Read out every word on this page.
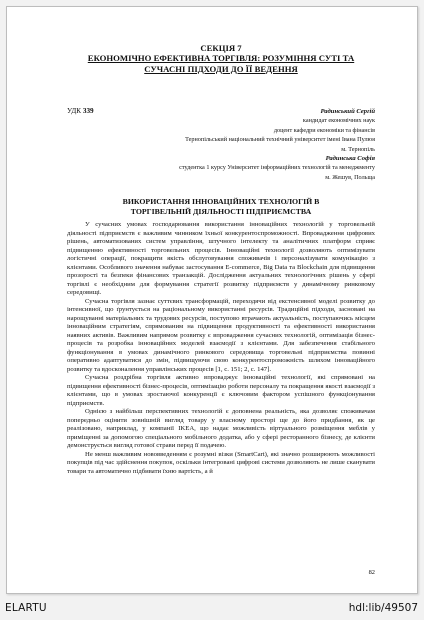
СЕКЦІЯ 7
ЕКОНОМІЧНО ЕФЕКТИВНА ТОРГІВЛЯ: РОЗУМІННЯ СУТІ ТА
СУЧАСНІ ПІДХОДИ ДО ЇЇ ВЕДЕННЯ
УДК 339	Радинський Сергій
кандидат економічних наук
доцент кафедри економіки та фінансів
Тернопільський національний технічний університет імені Івана Пулюя
м. Тернопіль
Радинська Софія
студентка 1 курсу Університет інформаційних технологій та менеджменту
м. Жешув, Польща
ВИКОРИСТАННЯ ІННОВАЦІЙНИХ ТЕХНОЛОГІЙ В
ТОРГІВЕЛЬНІЙ ДІЯЛЬНОСТІ ПІДПРИЄМСТВА

У сучасних умовах господарювання використання інноваційних технологій у торговельній діяльності підприємств є важливим чинником їхньої конкурентоспроможності. Впровадження цифрових рішень, автоматизованих систем управління, штучного інтелекту та аналітичних платформ сприяє підвищенню ефективності торговельних процесів. Інноваційні технології дозволяють оптимізувати логістичні операції, покращити якість обслуговування споживачів і персоналізувати комунікацію з клієнтами. Особливого значення набуває застосування E-commerce, Big Data та Blockchain для підвищення прозорості та безпеки фінансових транзакцій. Дослідження актуальних технологічних рішень у сфері торгівлі є необхідним для формування стратегії розвитку підприємств у динамічному ринковому середовищі.

Сучасна торгівля зазнає суттєвих трансформацій, переходячи від екстенсивної моделі розвитку до інтенсивної, що ґрунтується на раціональному використанні ресурсів. Традиційні підходи, засновані на нарощуванні матеріальних та трудових ресурсів, поступово втрачають актуальність, поступаючись місцем інноваційним стратегіям, спрямованим на підвищення продуктивності та ефективності використання наявних активів. Важливим напрямом розвитку є впровадження сучасних технологій, оптимізація бізнес-процесів та розробка інноваційних моделей взаємодії з клієнтами. Для забезпечення стабільного функціонування в умовах динамічного ринкового середовища торговельні підприємства повинні оперативно адаптуватися до змін, підвищуючи свою конкурентоспроможність шляхом інноваційного розвитку та вдосконалення управлінських процесів [1, с. 151; 2, с. 147].

Сучасна роздрібна торгівля активно впроваджує інноваційні технології, які спрямовані на підвищення ефективності бізнес-процесів, оптимізацію роботи персоналу та покращення якості взаємодії з клієнтами, що в умовах зростаючої конкуренції є ключовим фактором успішного функціонування підприємств.

Однією з найбільш перспективних технологій є доповнена реальність, яка дозволяє споживачам попередньо оцінити зовнішній вигляд товару у власному просторі ще до його придбання, як це реалізовано, наприклад, у компанії IKEA, що надає можливість віртуального розміщення меблів у приміщенні за допомогою спеціального мобільного додатка, або у сфері ресторанного бізнесу, де клієнти демонструється вигляд готової страви перед її подачею.

Не менш важливим нововведенням є розумні візки (SmartCart), які значно розширюють можливості покупців під час здійснення покупок, оскільки інтегровані цифрові системи дозволяють не лише сканувати товари та автоматично підбивати їхню вартість, а й

82
ELARTU	hdl:lib/49507
